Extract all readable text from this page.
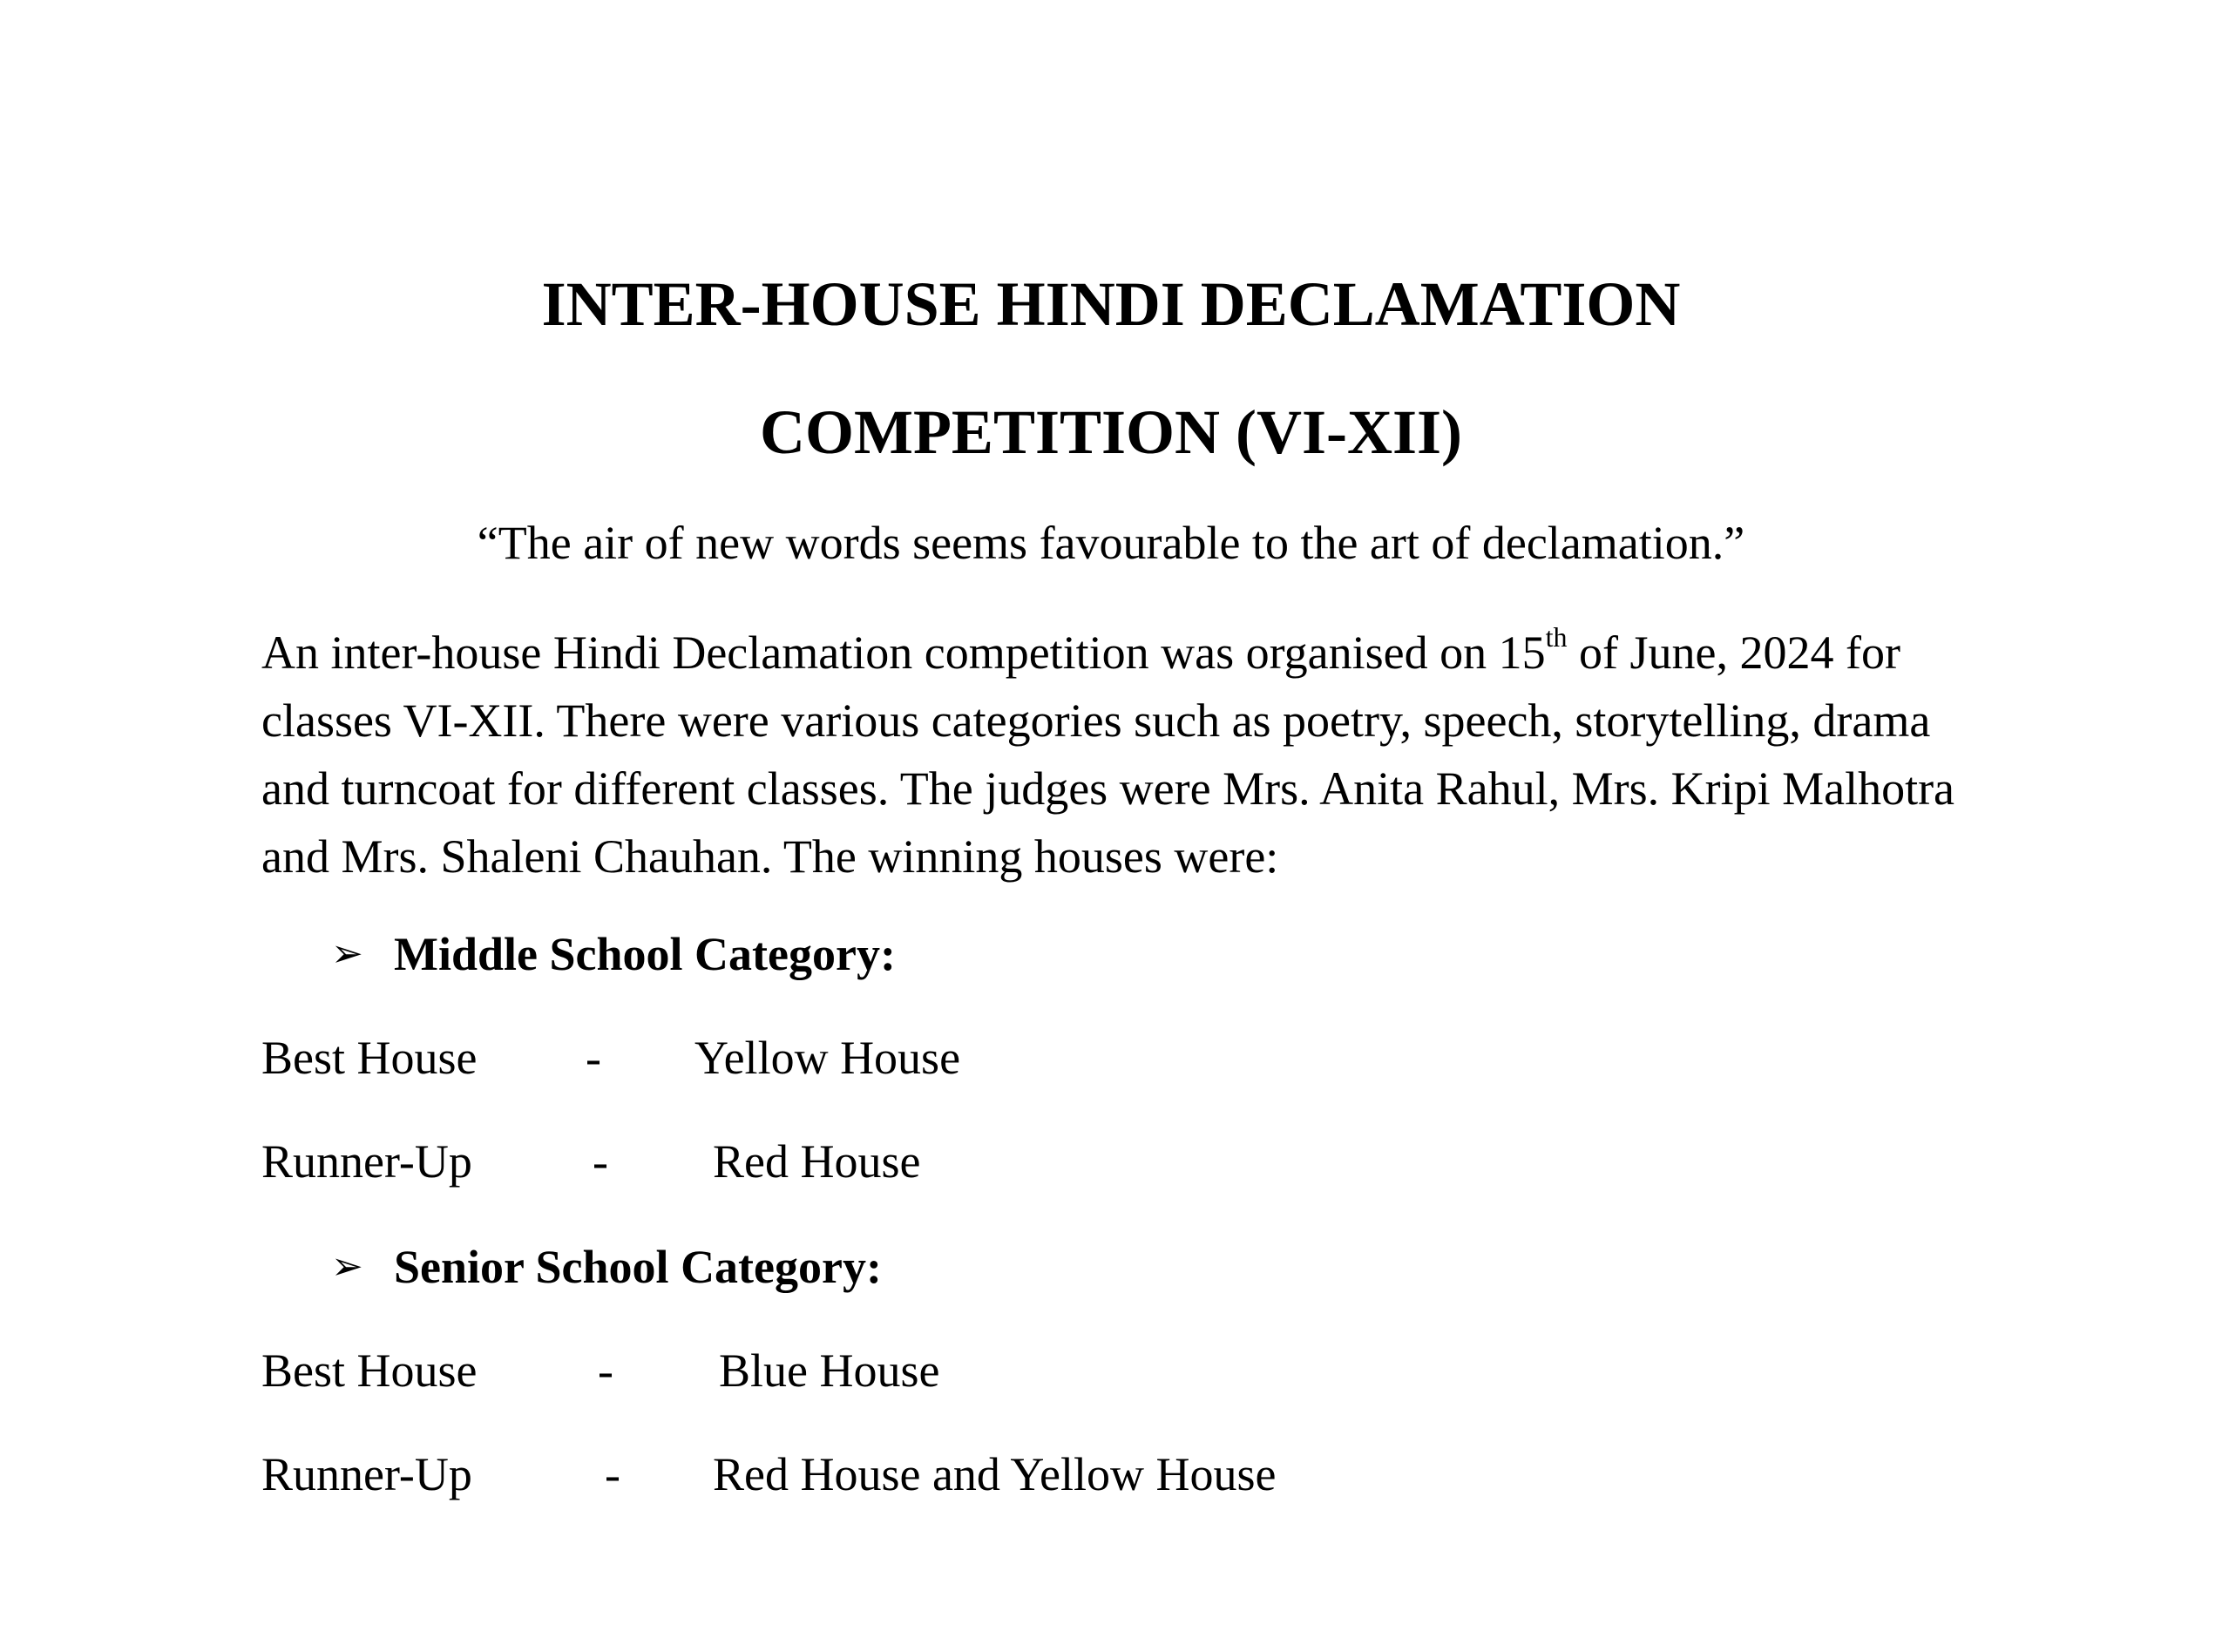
INTER-HOUSE HINDI DECLAMATION
COMPETITION (VI-XII)

“The air of new words seems favourable to the art of declamation.”

An inter-house Hindi Declamation competition was organised on 15th of June, 2024 for classes VI-XII. There were various categories such as poetry, speech, storytelling, drama and turncoat for different classes. The judges were Mrs. Anita Rahul, Mrs. Kripi Malhotra and Mrs. Shaleni Chauhan. The winning houses were:

➢ Middle School Category:
Best House - Yellow House
Runner-Up	- Red House
➢ Senior School Category:
Best House	- Blue House
Runner-Up	- Red House and Yellow House
